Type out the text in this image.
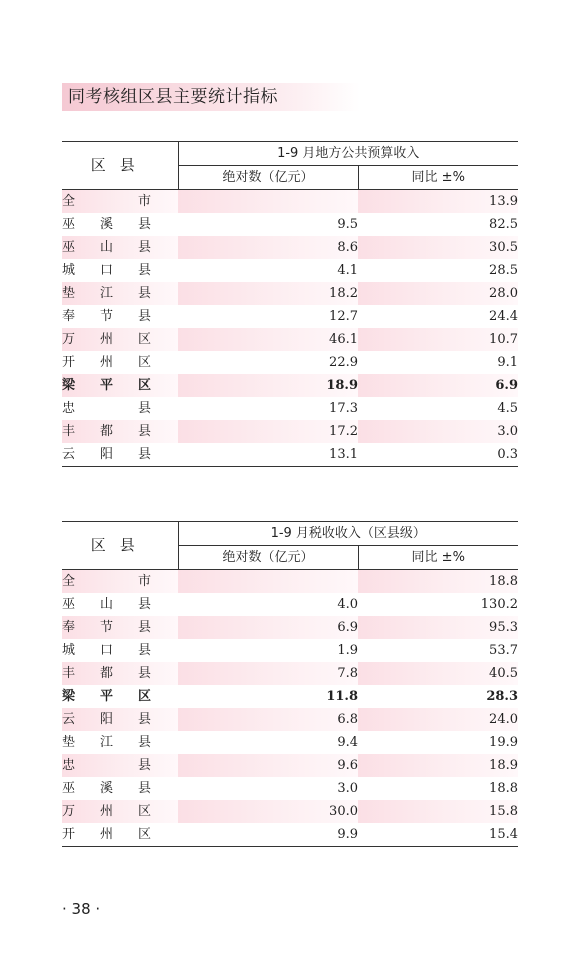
同考核组区县主要统计指标
区县	1-9 月地方公共预算收入	
	绝对数（亿元）	同比 ±%
全 市		13.9
巫 溪 县	9.5	82.5
巫 山 县	8.6	30.5
城 口 县	4.1	28.5
垫 江 县	18.2	28.0
奉 节 县	12.7	24.4
万 州 区	46.1	10.7
开 州 区	22.9	9.1
梁 平 区	18.9	6.9
忠 县	17.3	4.5
丰 都 县	17.2	3.0
云 阳 县	13.1	0.3
区县	1-9 月税收收入（区县级）	
	绝对数（亿元）	同比 ±%
全 市		18.8
巫 山 县	4.0	130.2
奉 节 县	6.9	95.3
城 口 县	1.9	53.7
丰 都 县	7.8	40.5
梁 平 区	11.8	28.3
云 阳 县	6.8	24.0
垫 江 县	9.4	19.9
忠 县	9.6	18.9
巫 溪 县	3.0	18.8
万 州 区	30.0	15.8
开 州 区	9.9	15.4
· 38 ·
